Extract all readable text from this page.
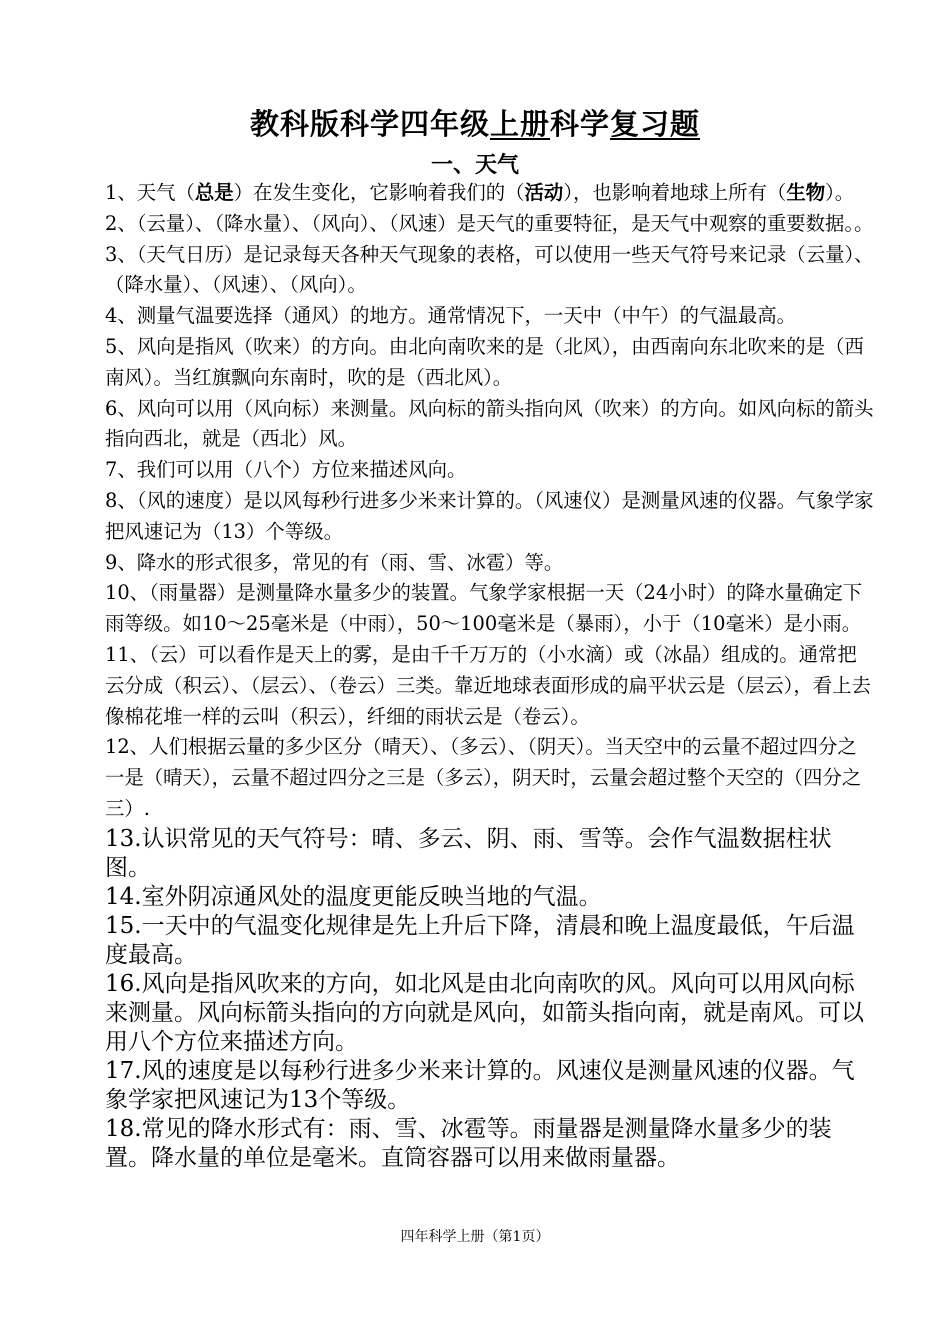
教科版科学四年级上册科学复习题
一、天气

1、天气（总是）在发生变化，它影响着我们的（活动），也影响着地球上所有（生物）。

2、（云量）、（降水量）、（风向）、（风速）是天气的重要特征，是天气中观察的重要数据。。

3、（天气日历）是记录每天各种天气现象的表格，可以使用一些天气符号来记录（云量）、（降水量）、（风速）、（风向）。

4、测量气温要选择（通风）的地方。通常情况下，一天中（中午）的气温最高。

5、风向是指风（吹来）的方向。由北向南吹来的是（北风），由西南向东北吹来的是（西南风）。当红旗飘向东南时，吹的是（西北风）。

6、风向可以用（风向标）来测量。风向标的箭头指向风（吹来）的方向。如风向标的箭头指向西北，就是（西北）风。

7、我们可以用（八个）方位来描述风向。

8、（风的速度）是以风每秒行进多少米来计算的。（风速仪）是测量风速的仪器。气象学家把风速记为（13）个等级。

9、降水的形式很多，常见的有（雨、雪、冰雹）等。

10、（雨量器）是测量降水量多少的装置。气象学家根据一天（24小时）的降水量确定下雨等级。如10～25毫米是（中雨），50～100毫米是（暴雨），小于（10毫米）是小雨。

11、（云）可以看作是天上的雾，是由千千万万的（小水滴）或（冰晶）组成的。通常把云分成（积云）、（层云）、（卷云）三类。靠近地球表面形成的扁平状云是（层云），看上去像棉花堆一样的云叫（积云），纤细的雨状云是（卷云）。

12、人们根据云量的多少区分（晴天）、（多云）、（阴天）。当天空中的云量不超过四分之一是（晴天），云量不超过四分之三是（多云），阴天时，云量会超过整个天空的（四分之三）.

13.认识常见的天气符号：晴、多云、阴、雨、雪等。会作气温数据柱状图。

14.室外阴凉通风处的温度更能反映当地的气温。

15.一天中的气温变化规律是先上升后下降，清晨和晚上温度最低，午后温度最高。

16.风向是指风吹来的方向，如北风是由北向南吹的风。风向可以用风向标来测量。风向标箭头指向的方向就是风向，如箭头指向南，就是南风。可以用八个方位来描述方向。

17.风的速度是以每秒行进多少米来计算的。风速仪是测量风速的仪器。气象学家把风速记为13个等级。

18.常见的降水形式有：雨、雪、冰雹等。雨量器是测量降水量多少的装置。降水量的单位是毫米。直筒容器可以用来做雨量器。

四年科学上册（第1页）
